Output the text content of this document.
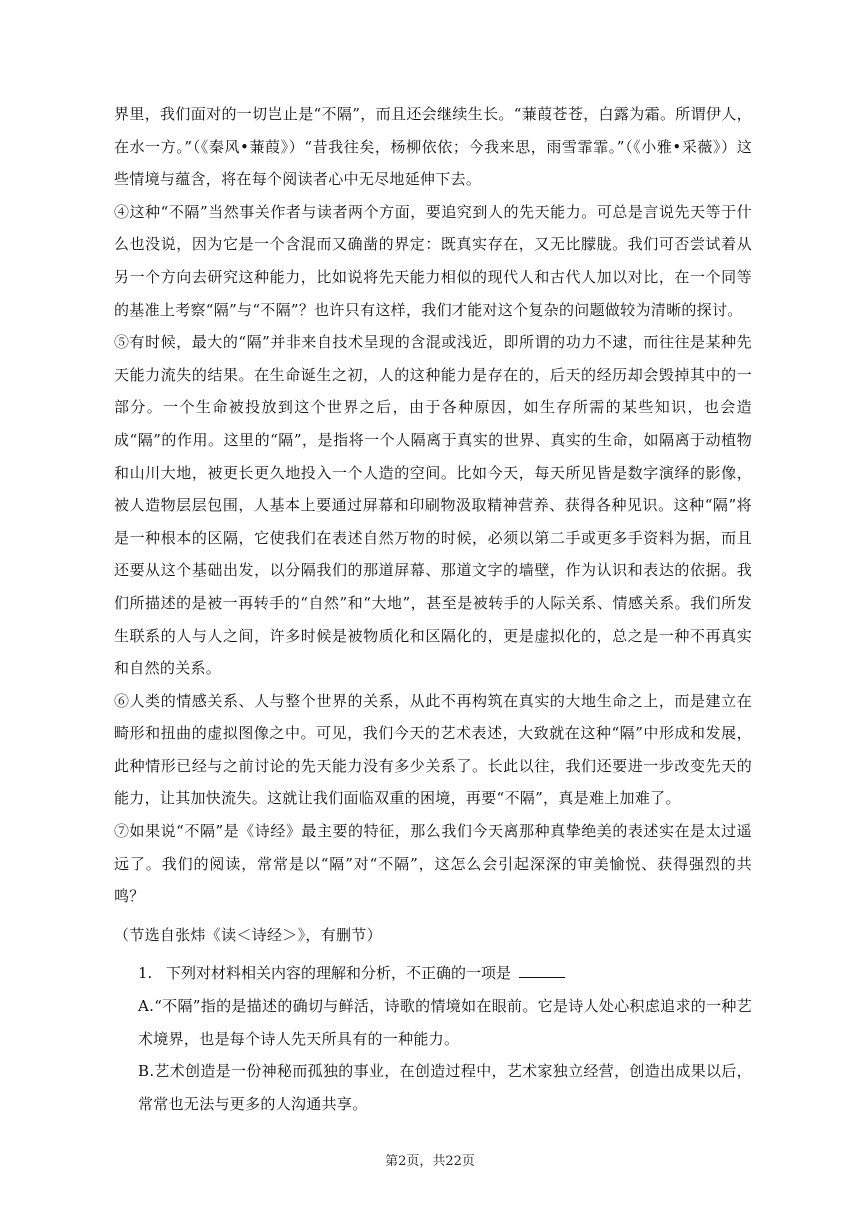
界里，我们面对的一切岂止是“不隔”，而且还会继续生长。“蒹葭苍苍，白露为霜。所谓伊人，在水一方。”（《秦风•蒹葭》）“昔我往矣，杨柳依依；今我来思，雨雪霏霏。”（《小雅•采薇》）这些情境与蕴含，将在每个阅读者心中无尽地延伸下去。

④这种“不隔”当然事关作者与读者两个方面，要追究到人的先天能力。可总是言说先天等于什么也没说，因为它是一个含混而又确凿的界定：既真实存在，又无比朦胧。我们可否尝试着从另一个方向去研究这种能力，比如说将先天能力相似的现代人和古代人加以对比，在一个同等的基准上考察“隔”与“不隔”？也许只有这样，我们才能对这个复杂的问题做较为清晰的探讨。

⑤有时候，最大的“隔”并非来自技术呈现的含混或浅近，即所谓的功力不逮，而往往是某种先天能力流失的结果。在生命诞生之初，人的这种能力是存在的，后天的经历却会毁掉其中的一部分。一个生命被投放到这个世界之后，由于各种原因，如生存所需的某些知识，也会造成“隔”的作用。这里的“隔”，是指将一个人隔离于真实的世界、真实的生命，如隔离于动植物和山川大地，被更长更久地投入一个人造的空间。比如今天，每天所见皆是数字演绎的影像，被人造物层层包围，人基本上要通过屏幕和印刷物汲取精神营养、获得各种见识。这种“隔”将是一种根本的区隔，它使我们在表述自然万物的时候，必须以第二手或更多手资料为据，而且还要从这个基础出发，以分隔我们的那道屏幕、那道文字的墙壁，作为认识和表达的依据。我们所描述的是被一再转手的“自然”和“大地”，甚至是被转手的人际关系、情感关系。我们所发生联系的人与人之间，许多时候是被物质化和区隔化的，更是虚拟化的，总之是一种不再真实和自然的关系。

⑥人类的情感关系、人与整个世界的关系，从此不再构筑在真实的大地生命之上，而是建立在畸形和扭曲的虚拟图像之中。可见，我们今天的艺术表述，大致就在这种“隔”中形成和发展，此种情形已经与之前讨论的先天能力没有多少关系了。长此以往，我们还要进一步改变先天的能力，让其加快流失。这就让我们面临双重的困境，再要“不隔”，真是难上加难了。

⑦如果说“不隔”是《诗经》最主要的特征，那么我们今天离那种真挚绝美的表述实在是太过遥远了。我们的阅读，常常是以“隔”对“不隔”，这怎么会引起深深的审美愉悦、获得强烈的共鸣？

（节选自张炜《读＜诗经＞》，有删节）

1. 下列对材料相关内容的理解和分析，不正确的一项是

A.“不隔”指的是描述的确切与鲜活，诗歌的情境如在眼前。它是诗人处心积虑追求的一种艺术境界，也是每个诗人先天所具有的一种能力。

B.艺术创造是一份神秘而孤独的事业，在创造过程中，艺术家独立经营，创造出成果以后，常常也无法与更多的人沟通共享。

第2页，共22页
